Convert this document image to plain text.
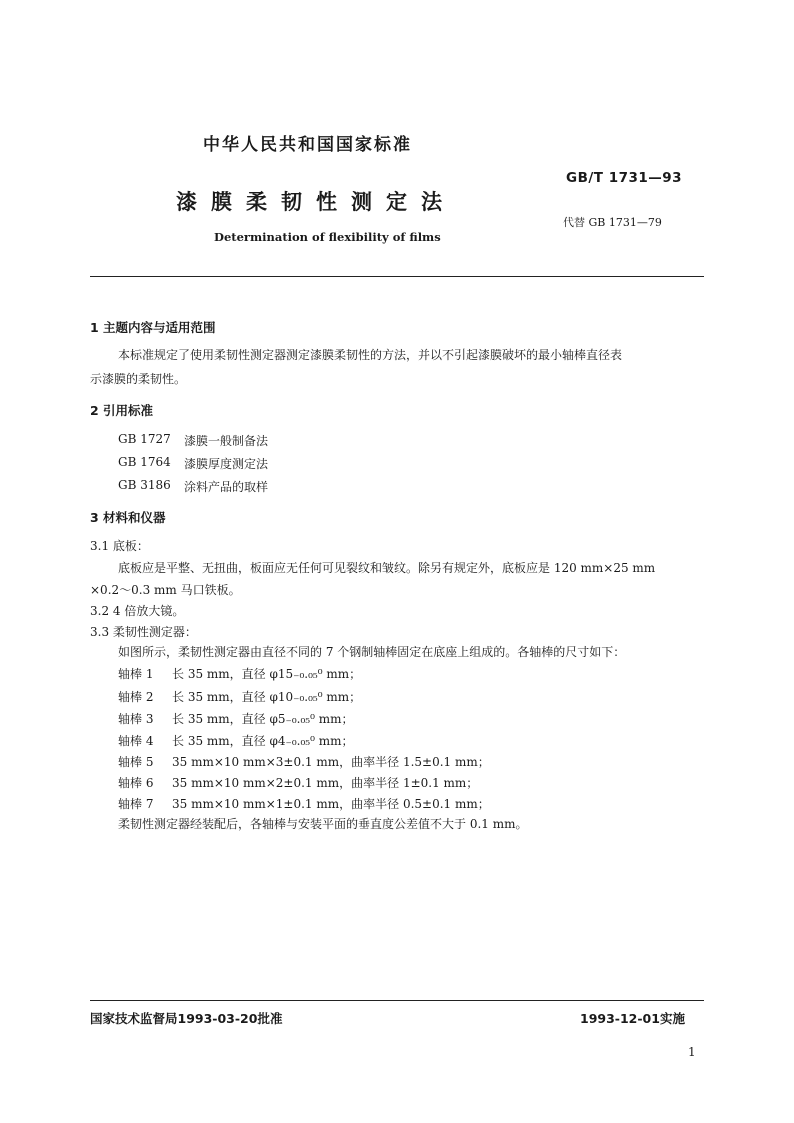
中华人民共和国国家标准
GB/T 1731—93
漆膜柔韧性测定法
代替 GB 1731—79
Determination of flexibility of films
1 主题内容与适用范围
本标准规定了使用柔韧性测定器测定漆膜柔韧性的方法，并以不引起漆膜破坏的最小轴棒直径表
示漆膜的柔韧性。
2 引用标准
GB 1727 漆膜一般制备法
GB 1764 漆膜厚度测定法
GB 3186 涂料产品的取样
3 材料和仪器
3.1 底板：
底板应是平整、无扭曲，板面应无任何可见裂纹和皱纹。除另有规定外，底板应是 120 mm×25 mm
×0.2～0.3 mm 马口铁板。
3.2 4 倍放大镜。
3.3 柔韧性测定器：
如图所示，柔韧性测定器由直径不同的 7 个钢制轴棒固定在底座上组成的。各轴棒的尺寸如下：
轴棒 1 长 35 mm，直径 φ15₋₀.₀₅⁰ mm；
轴棒 2 长 35 mm，直径 φ10₋₀.₀₅⁰ mm；
轴棒 3 长 35 mm，直径 φ5₋₀.₀₅⁰ mm；
轴棒 4 长 35 mm，直径 φ4₋₀.₀₅⁰ mm；
轴棒 5 35 mm×10 mm×3±0.1 mm，曲率半径 1.5±0.1 mm；
轴棒 6 35 mm×10 mm×2±0.1 mm，曲率半径 1±0.1 mm；
轴棒 7 35 mm×10 mm×1±0.1 mm，曲率半径 0.5±0.1 mm；
柔韧性测定器经装配后，各轴棒与安装平面的垂直度公差值不大于 0.1 mm。
国家技术监督局1993-03-20批准	1993-12-01实施
1
